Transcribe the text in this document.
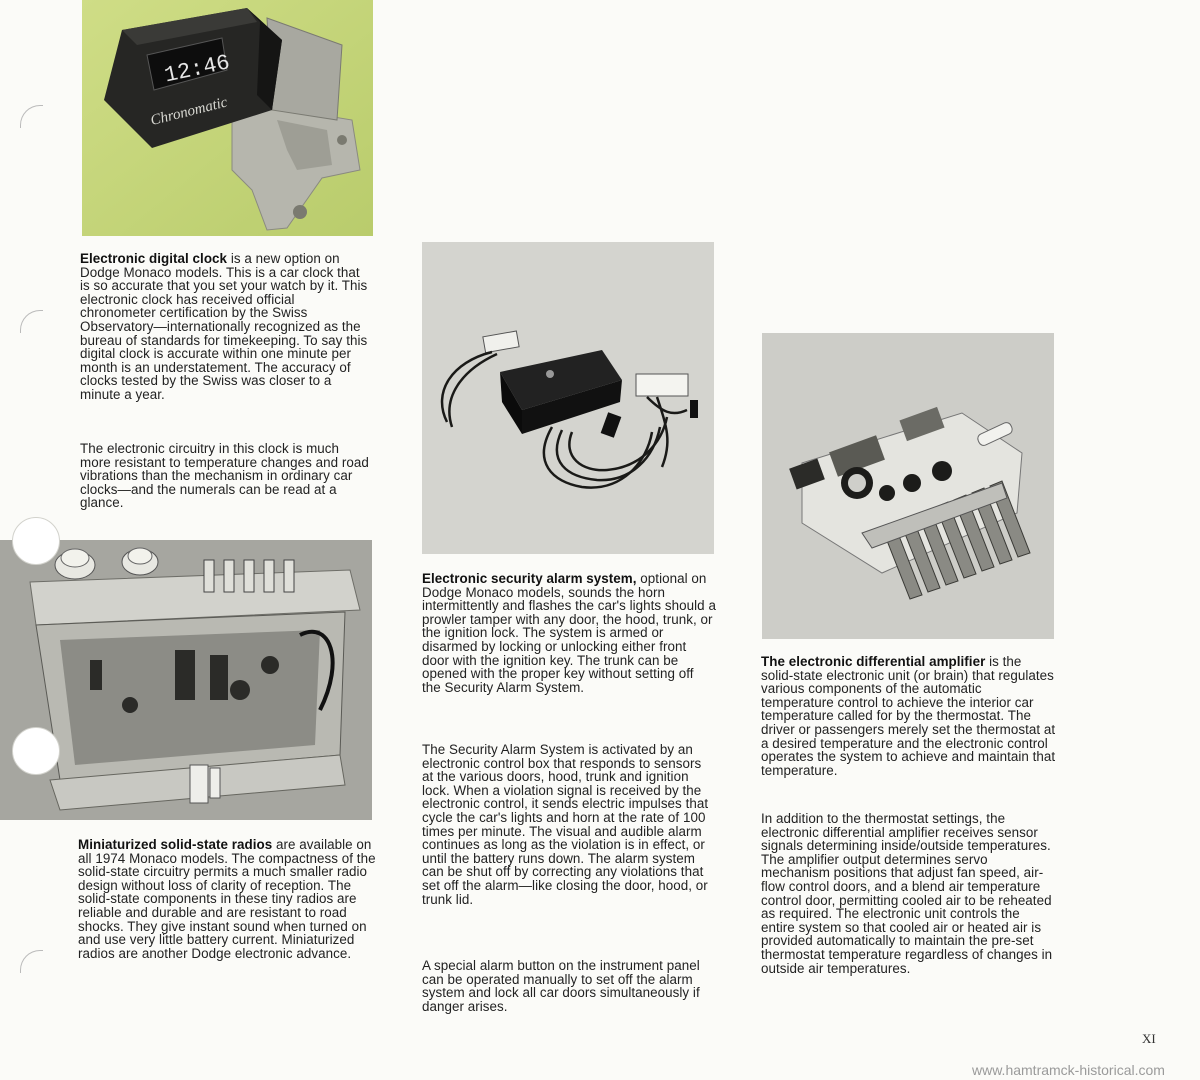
12:46
Chronomatic

Electronic digital clock is a new option on Dodge Monaco models. This is a car clock that is so accurate that you set your watch by it. This electronic clock has received official chronometer certification by the Swiss Observatory—internationally recognized as the bureau of standards for timekeeping. To say this digital clock is accurate within one minute per month is an understatement. The accuracy of clocks tested by the Swiss was closer to a minute a year.

The electronic circuitry in this clock is much more resistant to temperature changes and road vibrations than the mechanism in ordinary car clocks—and the numerals can be read at a glance.

Miniaturized solid-state radios are available on all 1974 Monaco models. The compactness of the solid-state circuitry permits a much smaller radio design without loss of clarity of reception. The solid-state components in these tiny radios are reliable and durable and are resistant to road shocks. They give instant sound when turned on and use very little battery current. Miniaturized radios are another Dodge electronic advance.

Electronic security alarm system, optional on Dodge Monaco models, sounds the horn intermittently and flashes the car's lights should a prowler tamper with any door, the hood, trunk, or the ignition lock. The system is armed or disarmed by locking or unlocking either front door with the ignition key. The trunk can be opened with the proper key without setting off the Security Alarm System.

The Security Alarm System is activated by an electronic control box that responds to sensors at the various doors, hood, trunk and ignition lock. When a violation signal is received by the electronic control, it sends electric impulses that cycle the car's lights and horn at the rate of 100 times per minute. The visual and audible alarm continues as long as the violation is in effect, or until the battery runs down. The alarm system can be shut off by correcting any violations that set off the alarm—like closing the door, hood, or trunk lid.

A special alarm button on the instrument panel can be operated manually to set off the alarm system and lock all car doors simultaneously if danger arises.

The electronic differential amplifier is the solid-state electronic unit (or brain) that regulates various components of the automatic temperature control to achieve the interior car temperature called for by the thermostat. The driver or passengers merely set the thermostat at a desired temperature and the electronic control operates the system to achieve and maintain that temperature.

In addition to the thermostat settings, the electronic differential amplifier receives sensor signals determining inside/outside temperatures. The amplifier output determines servo mechanism positions that adjust fan speed, air-flow control doors, and a blend air temperature control door, permitting cooled air to be reheated as required. The electronic unit controls the entire system so that cooled air or heated air is provided automatically to maintain the pre-set thermostat temperature regardless of changes in outside air temperatures.

XI
www.hamtramck-historical.com
